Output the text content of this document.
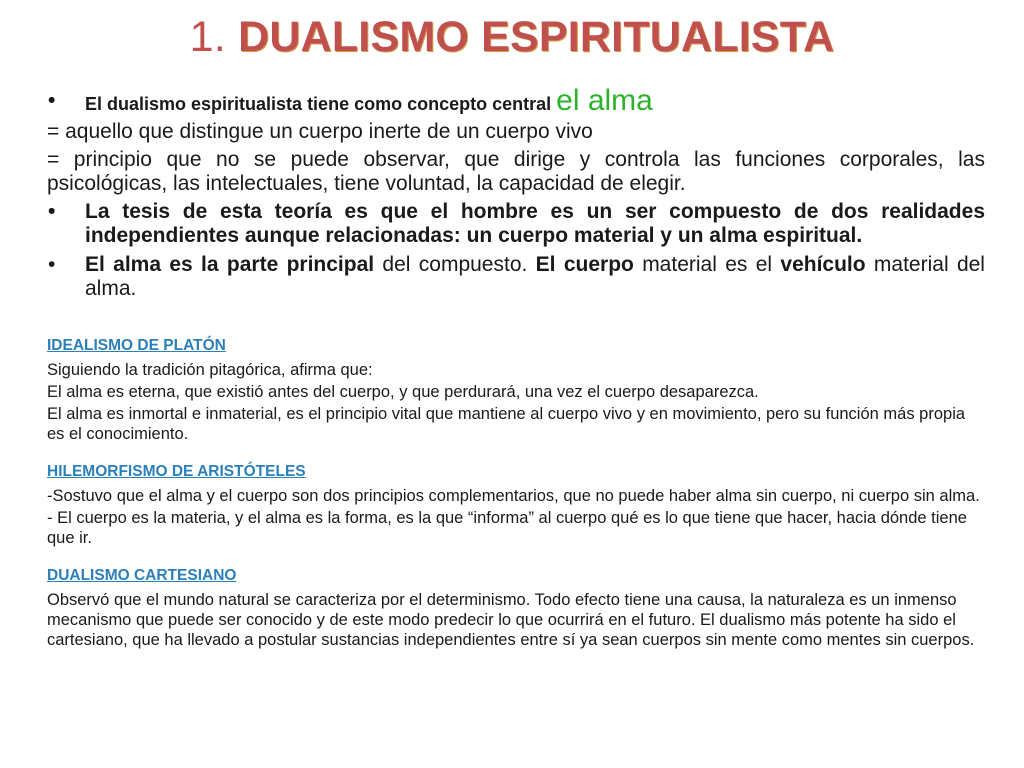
1. DUALISMO ESPIRITUALISTA
• El dualismo espiritualista tiene como concepto central el alma
= aquello que distingue un cuerpo inerte de un cuerpo vivo
= principio que no se puede observar, que dirige y controla las funciones corporales, las psicológicas, las intelectuales, tiene voluntad, la capacidad de elegir.
• La tesis de esta teoría es que el hombre es un ser compuesto de dos realidades independientes aunque relacionadas: un cuerpo material y un alma espiritual.
• El alma es la parte principal del compuesto. El cuerpo material es el vehículo material del alma.
IDEALISMO DE PLATÓN
Siguiendo la tradición pitagórica, afirma que:
El alma es eterna, que existió antes del cuerpo, y que perdurará, una vez el cuerpo desaparezca.
El alma es inmortal e inmaterial, es el principio vital que mantiene al cuerpo vivo y en movimiento, pero su función más propia es el conocimiento.
HILEMORFISMO DE ARISTÓTELES
-Sostuvo que el alma y el cuerpo son dos principios complementarios, que no puede haber alma sin cuerpo, ni cuerpo sin alma.
- El cuerpo es la materia, y el alma es la forma, es la que “informa” al cuerpo qué es lo que tiene que hacer, hacia dónde tiene que ir.
DUALISMO CARTESIANO
Observó que el mundo natural se caracteriza por el determinismo. Todo efecto tiene una causa, la naturaleza es un inmenso mecanismo que puede ser conocido y de este modo predecir lo que ocurrirá en el futuro. El dualismo más potente ha sido el cartesiano, que ha llevado a postular sustancias independientes entre sí ya sean cuerpos sin mente como mentes sin cuerpos.
